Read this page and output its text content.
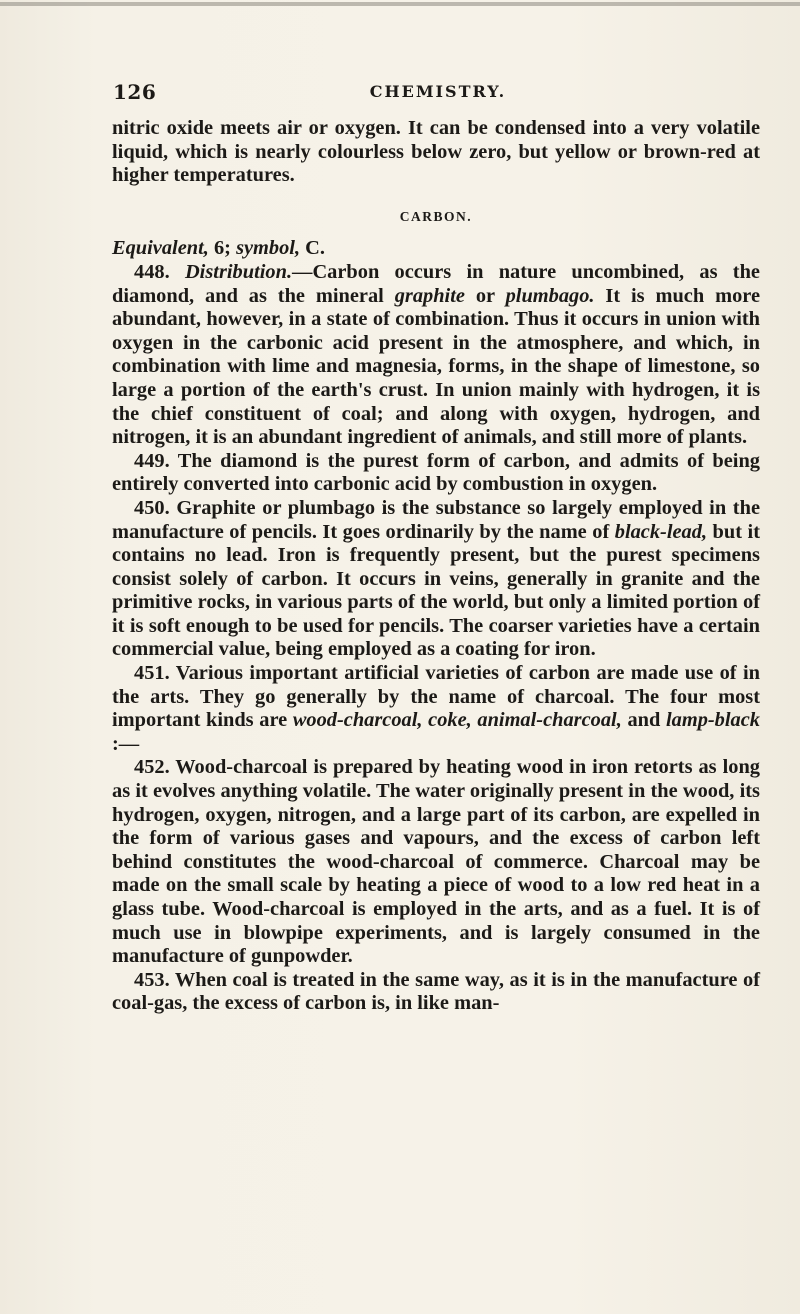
126	CHEMISTRY.

nitric oxide meets air or oxygen. It can be condensed into a very volatile liquid, which is nearly colourless below zero, but yellow or brown-red at higher temperatures.

CARBON.

Equivalent, 6; symbol, C.

448. Distribution.—Carbon occurs in nature uncombined, as the diamond, and as the mineral graphite or plumbago. It is much more abundant, however, in a state of combination. Thus it occurs in union with oxygen in the carbonic acid present in the atmosphere, and which, in combination with lime and magnesia, forms, in the shape of limestone, so large a portion of the earth's crust. In union mainly with hydrogen, it is the chief constituent of coal; and along with oxygen, hydrogen, and nitrogen, it is an abundant ingredient of animals, and still more of plants.

449. The diamond is the purest form of carbon, and admits of being entirely converted into carbonic acid by combustion in oxygen.

450. Graphite or plumbago is the substance so largely employed in the manufacture of pencils. It goes ordinarily by the name of black-lead, but it contains no lead. Iron is frequently present, but the purest specimens consist solely of carbon. It occurs in veins, generally in granite and the primitive rocks, in various parts of the world, but only a limited portion of it is soft enough to be used for pencils. The coarser varieties have a certain commercial value, being employed as a coating for iron.

451. Various important artificial varieties of carbon are made use of in the arts. They go generally by the name of charcoal. The four most important kinds are wood-charcoal, coke, animal-charcoal, and lamp-black :—

452. Wood-charcoal is prepared by heating wood in iron retorts as long as it evolves anything volatile. The water originally present in the wood, its hydrogen, oxygen, nitrogen, and a large part of its carbon, are expelled in the form of various gases and vapours, and the excess of carbon left behind constitutes the wood-charcoal of commerce. Charcoal may be made on the small scale by heating a piece of wood to a low red heat in a glass tube. Wood-charcoal is employed in the arts, and as a fuel. It is of much use in blowpipe experiments, and is largely consumed in the manufacture of gunpowder.

453. When coal is treated in the same way, as it is in the manufacture of coal-gas, the excess of carbon is, in like man-
